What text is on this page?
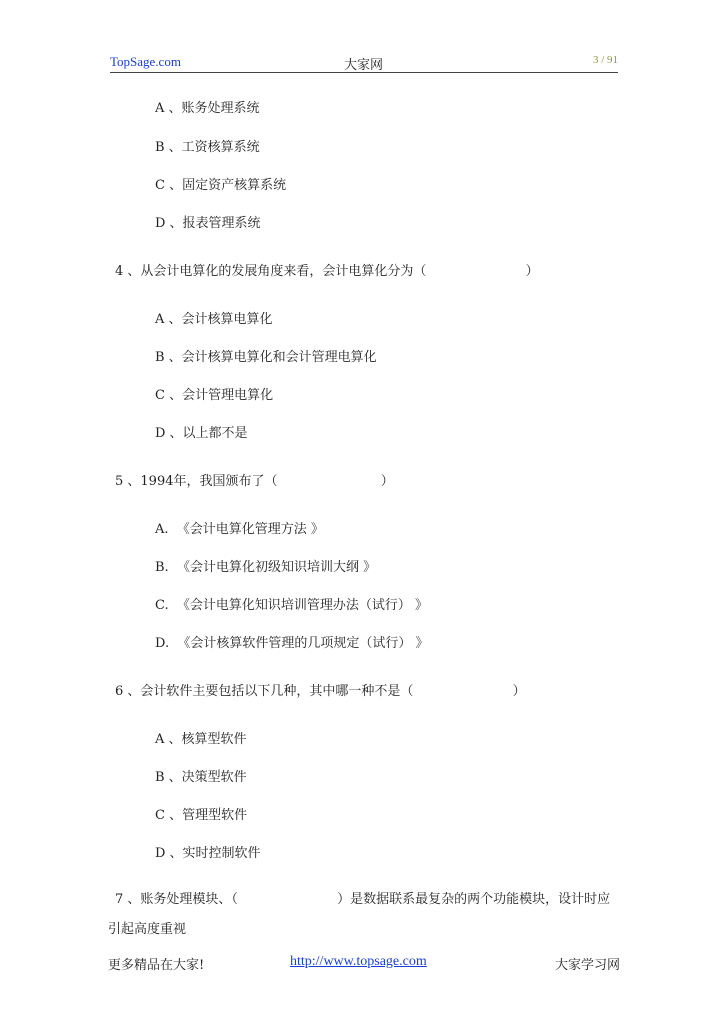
TopSage.com	大家网	3 / 91
A 、账务处理系统
B 、工资核算系统
C 、固定资产核算系统
D 、报表管理系统
4 、从会计电算化的发展角度来看，会计电算化分为（                        ）
A 、会计核算电算化
B 、会计核算电算化和会计管理电算化
C 、会计管理电算化
D 、以上都不是
5 、1994年，我国颁布了（                         ）
A.  《会计电算化管理方法 》
B.  《会计电算化初级知识培训大纲 》
C.  《会计电算化知识培训管理办法（试行） 》
D.  《会计核算软件管理的几项规定（试行） 》
6 、会计软件主要包括以下几种，其中哪一种不是（                        ）
A 、核算型软件
B 、决策型软件
C 、管理型软件
D 、实时控制软件
7 、账务处理模块、（                        ）是数据联系最复杂的两个功能模块，设计时应
引起高度重视
更多精品在大家!	http://www.topsage.com	大家学习网
